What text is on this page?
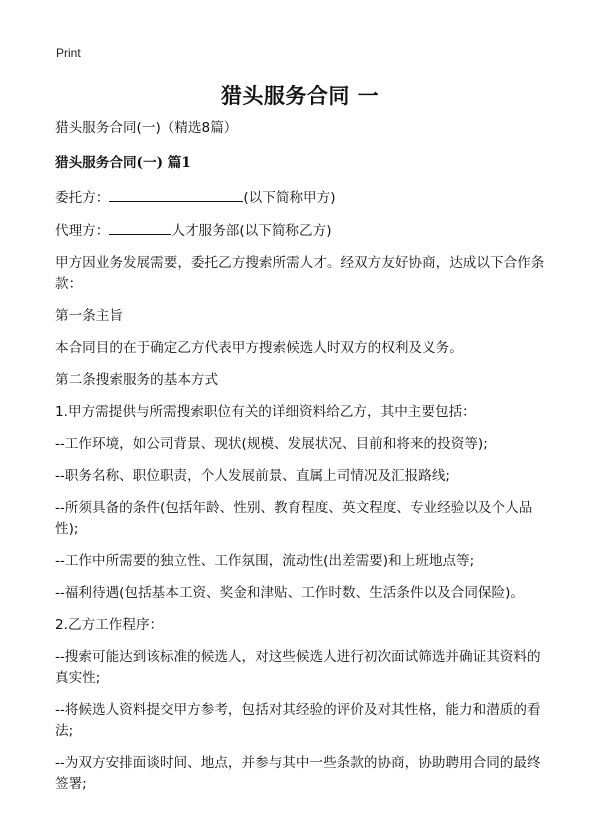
Print
猎头服务合同 一

猎头服务合同(一)（精选8篇）

猎头服务合同(一) 篇1

委托方：	(以下简称甲方)

代理方：	人才服务部(以下简称乙方)

甲方因业务发展需要，委托乙方搜索所需人才。经双方友好协商，达成以下合作条款：

第一条主旨

本合同目的在于确定乙方代表甲方搜索候选人时双方的权利及义务。

第二条搜索服务的基本方式

1.甲方需提供与所需搜索职位有关的详细资料给乙方，其中主要包括：

--工作环境，如公司背景、现状(规模、发展状况、目前和将来的投资等);

--职务名称、职位职责，个人发展前景、直属上司情况及汇报路线;

--所须具备的条件(包括年龄、性别、教育程度、英文程度、专业经验以及个人品性);

--工作中所需要的独立性、工作氛围，流动性(出差需要)和上班地点等;

--福利待遇(包括基本工资、奖金和津贴、工作时数、生活条件以及合同保险)。

2.乙方工作程序：

--搜索可能达到该标准的候选人，对这些候选人进行初次面试筛选并确证其资料的真实性;

--将候选人资料提交甲方参考，包括对其经验的评价及对其性格，能力和潜质的看法;

--为双方安排面谈时间、地点，并参与其中一些条款的协商，协助聘用合同的最终签署;
